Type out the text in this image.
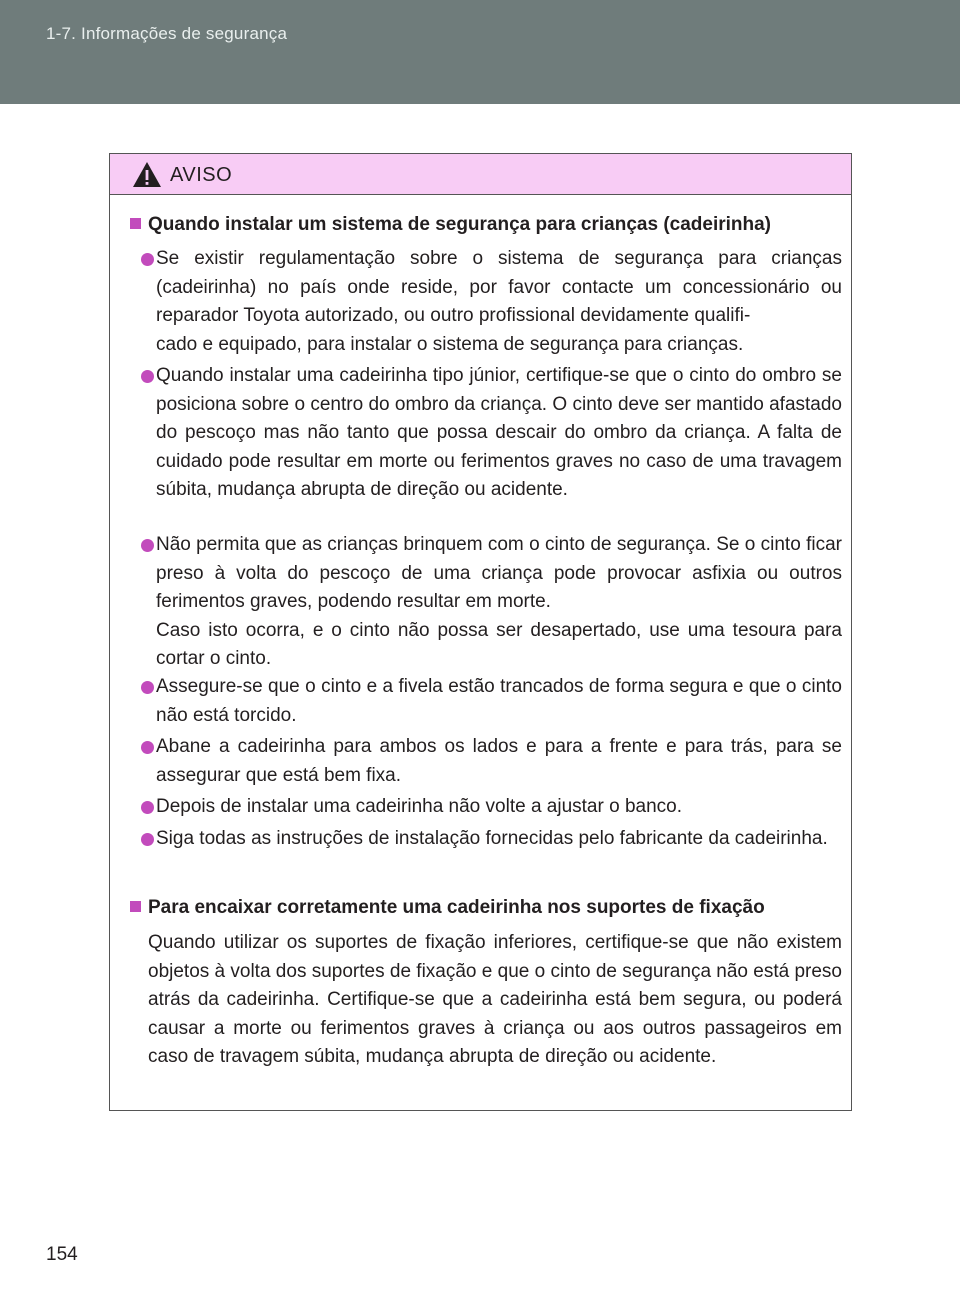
1-7. Informações de segurança
AVISO
Quando instalar um sistema de segurança para crianças (cadeirinha)
Se existir regulamentação sobre o sistema de segurança para crianças (cadeirinha) no país onde reside, por favor contacte um concessionário ou reparador Toyota autorizado, ou outro profissional devidamente qualifi-
cado e equipado, para instalar o sistema de segurança para crianças.
Quando instalar uma cadeirinha tipo júnior, certifique-se que o cinto do ombro se posiciona sobre o centro do ombro da criança. O cinto deve ser mantido afastado do pescoço mas não tanto que possa descair do ombro da criança. A falta de cuidado pode resultar em morte ou ferimentos graves no caso de uma travagem súbita, mudança abrupta de direção ou acidente.
Não permita que as crianças brinquem com o cinto de segurança. Se o cinto ficar preso à volta do pescoço de uma criança pode provocar asfixia ou outros ferimentos graves, podendo resultar em morte.
Caso isto ocorra, e o cinto não possa ser desapertado, use uma tesoura para cortar o cinto.
Assegure-se que o cinto e a fivela estão trancados de forma segura e que o cinto não está torcido.
Abane a cadeirinha para ambos os lados e para a frente e para trás, para se assegurar que está bem fixa.
Depois de instalar uma cadeirinha não volte a ajustar o banco.
Siga todas as instruções de instalação fornecidas pelo fabricante da cadeirinha.
Para encaixar corretamente uma cadeirinha nos suportes de fixação
Quando utilizar os suportes de fixação inferiores, certifique-se que não existem objetos à volta dos suportes de fixação e que o cinto de segurança não está preso atrás da cadeirinha. Certifique-se que a cadeirinha está bem segura, ou poderá causar a morte ou ferimentos graves à criança ou aos outros passageiros em caso de travagem súbita, mudança abrupta de direção ou acidente.
154
